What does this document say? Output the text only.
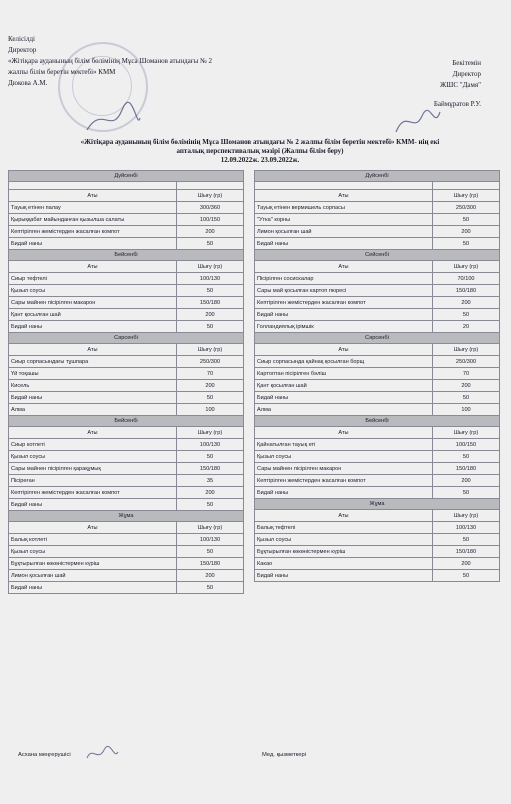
Келісілді
Директор
«Жітіқара ауданының білім бөлімінің Мұса Шоманов атындағы № 2
жалпы білім беретін мектебі» КММ
Дюкова А.М.
Бекітемін
Директор
ЖШС "Дамя"
Баймұратов Р.У.
«Жітіқара ауданының білім бөлімінің Мұса Шоманов атындағы № 2 жалпы білім беретін мектебі» КММ- нің екі
апталық перспективалық мәзірі (Жалпы білім беру)
12.09.2022ж. 23.09.2022ж.
Дүйсенбі	

Аты	Шығу (гр)
Тауық етінен палау	300/360
Қырыққабат майынданған қызылша салаты	100/150
Кептірілген жемістерден жасалған компот	200
Бидай наны	50
Бейсенбі	
Аты	Шығу (гр)
Сиыр тефтелі	100/130
Қызыл соусы	50
Сары майнен пісірілген макарон	150/180
Қант қосылған шай	200
Бидай наны	50
Сәрсенбі	
Аты	Шығу (гр)
Сиыр сорпасындағы тұшпара	250/300
Үй тоқашы	70
Кисель	200
Бидай наны	50
Алма	100
Бейсенбі	
Аты	Шығу (гр)
Сиыр котлеті	100/130
Қызыл соусы	50
Сары майнен пісірілген қарақұмық	150/180
Пісіреған	35
Кептірілген жемістерден жасалған компот	200
Бидай наны	50
Жұма	
Аты	Шығу (гр)
Балық котлеті	100/130
Қызыл соусы	50
Бұқтырылған көкөністермен күріш	150/180
Лимон қосылған шай	200
Бидай наны	50
Дүйсенбі	

Аты	Шығу (гр)
Тауық етінен вермишель сорпасы	250/300
"Утка" корны	50
Лимон қосылған шай	200
Бидай наны	50
Сейсенбі	
Аты	Шығу (гр)
Пісірілген сосискалар	70/100
Сары май қосылған картоп пюресі	150/180
Кептірілген жемістерден жасалған компот	200
Бидай наны	50
Голландиялық ірімшік	20
Сәрсенбі	
Аты	Шығу (гр)
Сиыр сорпасында қайнақ қосылған борщ	250/300
Картоптан пісірілген бәліш	70
Қант қосылған шай	200
Бидай наны	50
Алма	100
Бейсенбі	
Аты	Шығу (гр)
Қайнатылған тауық еті	100/150
Қызыл соусы	50
Сары майнен пісірілген макарон	150/180
Кептірілген жемістерден жасалған компот	200
Бидай наны	50
Жұма	
Аты	Шығу (гр)
Балық тефтелі	100/130
Қызыл соусы	50
Бұқтырылған көкөністермен күріш	150/180
Какао	200
Бидай наны	50
Асхана меңгерушісі	Мед. қызметкері
